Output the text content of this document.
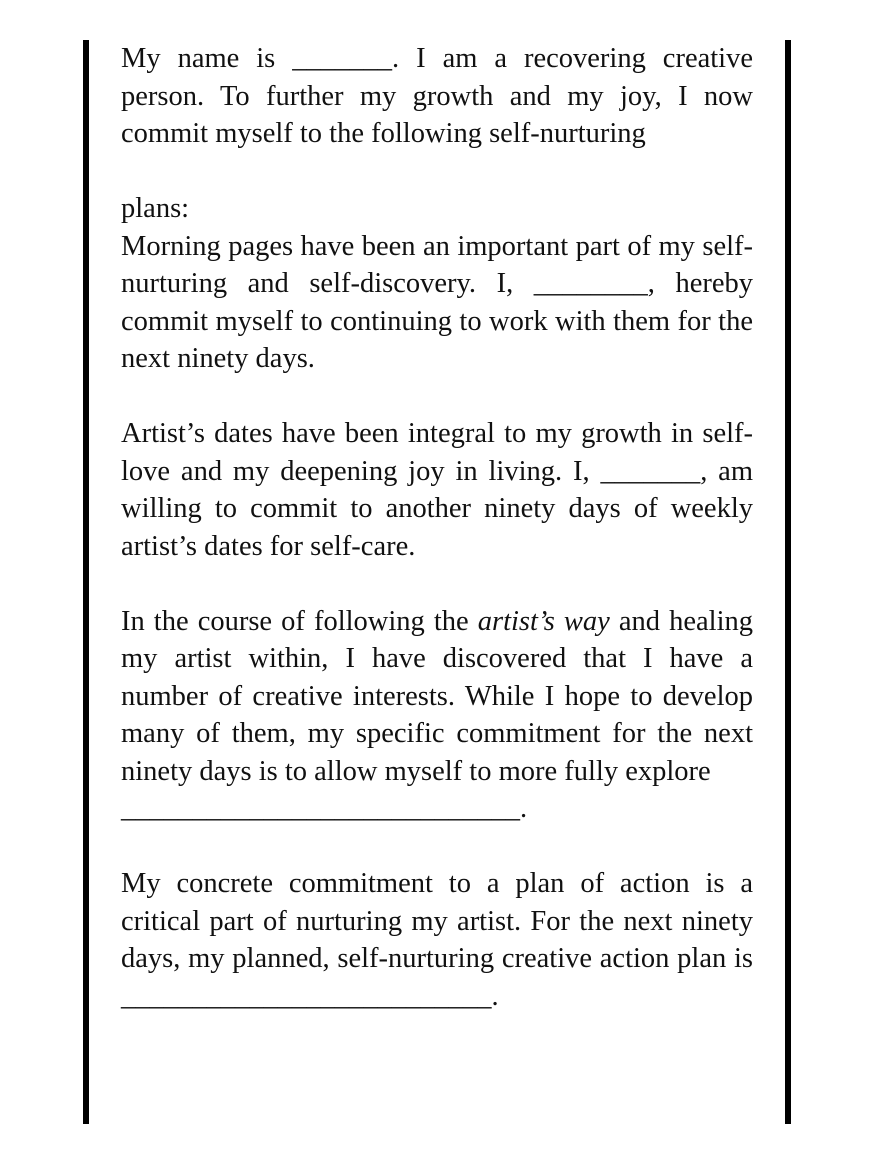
My name is _______. I am a recovering creative person. To further my growth and my joy, I now commit myself to the following self-nurturing

plans:

Morning pages have been an important part of my self-nurturing and self-discovery. I, ________, hereby commit myself to continuing to work with them for the next ninety days.

Artist’s dates have been integral to my growth in self-love and my deepening joy in living. I, _______, am willing to commit to another ninety days of weekly artist’s dates for self-care.

In the course of following the artist’s way and healing my artist within, I have discovered that I have a number of creative interests. While I hope to develop many of them, my specific commitment for the next ninety days is to allow myself to more fully explore
____________________________.

My concrete commitment to a plan of action is a critical part of nurturing my artist. For the next ninety days, my planned, self-nurturing creative action plan is __________________________.
